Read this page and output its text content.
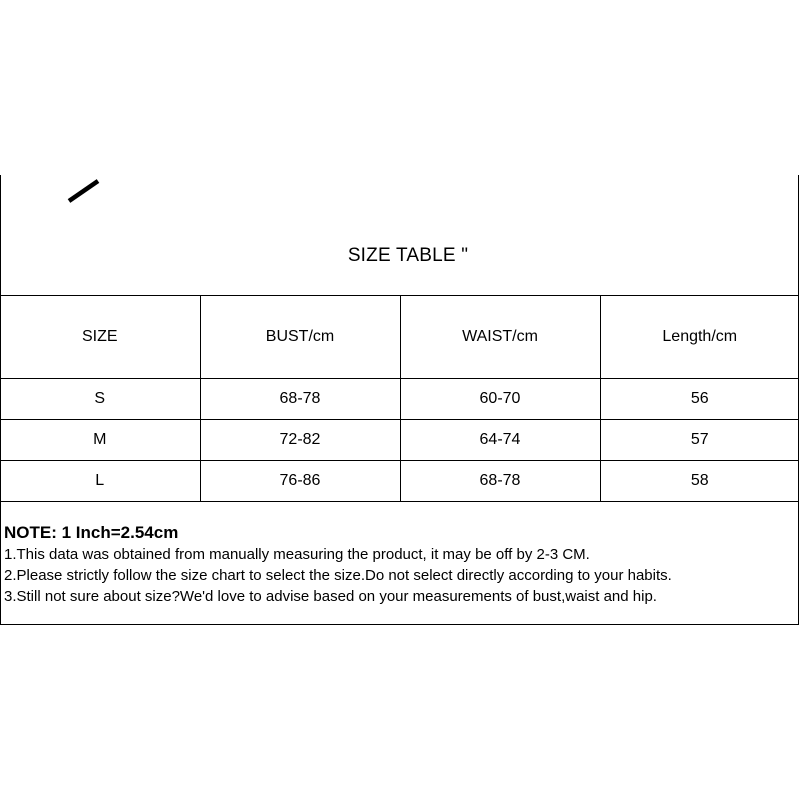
SIZE TABLE "
SIZE	BUST/cm	WAIST/cm	Length/cm
S	68-78	60-70	56
M	72-82	64-74	57
L	76-86	68-78	58

NOTE: 1 Inch=2.54cm

1.This data was obtained from manually measuring the product, it may be off by 2-3 CM.

2.Please strictly follow the size chart to select the size.Do not select directly according to your habits.

3.Still not sure about size?We'd love to advise based on your measurements of bust,waist and hip.
